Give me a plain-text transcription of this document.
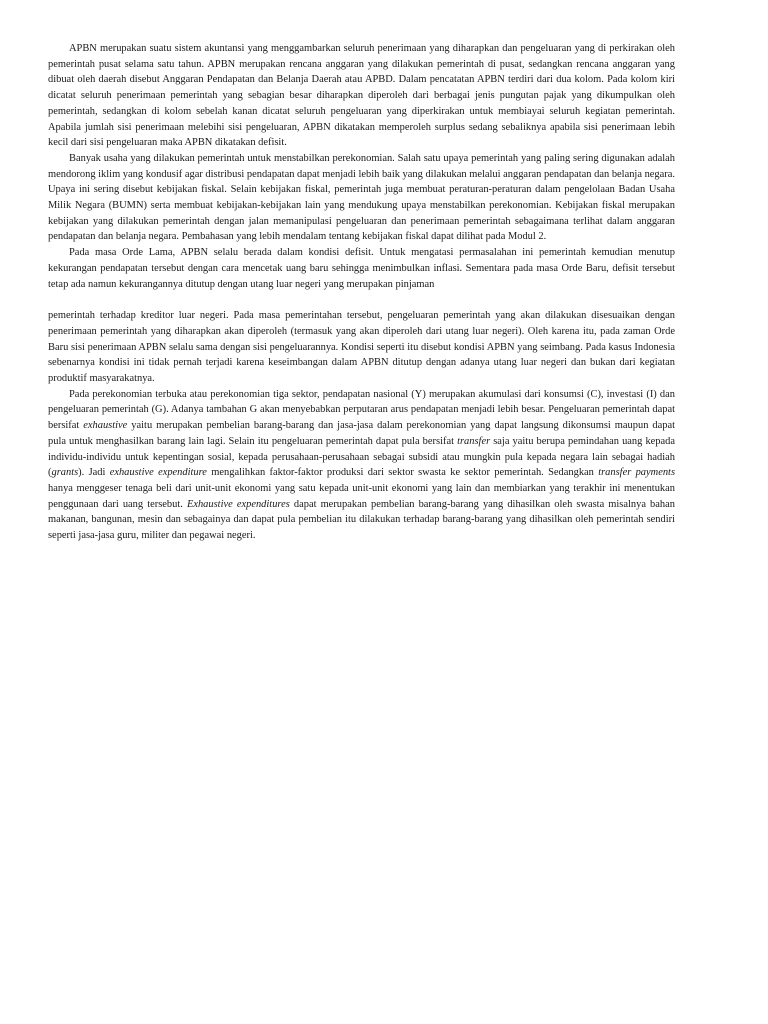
APBN merupakan suatu sistem akuntansi yang menggambarkan seluruh penerimaan yang diharapkan dan pengeluaran yang di perkirakan oleh pemerintah pusat selama satu tahun. APBN merupakan rencana anggaran yang dilakukan pemerintah di pusat, sedangkan rencana anggaran yang dibuat oleh daerah disebut Anggaran Pendapatan dan Belanja Daerah atau APBD. Dalam pencatatan APBN terdiri dari dua kolom. Pada kolom kiri dicatat seluruh penerimaan pemerintah yang sebagian besar diharapkan diperoleh dari berbagai jenis pungutan pajak yang dikumpulkan oleh pemerintah, sedangkan di kolom sebelah kanan dicatat seluruh pengeluaran yang diperkirakan untuk membiayai seluruh kegiatan pemerintah. Apabila jumlah sisi penerimaan melebihi sisi pengeluaran, APBN dikatakan memperoleh surplus sedang sebaliknya apabila sisi penerimaan lebih kecil dari sisi pengeluaran maka APBN dikatakan defisit.

Banyak usaha yang dilakukan pemerintah untuk menstabilkan perekonomian. Salah satu upaya pemerintah yang paling sering digunakan adalah mendorong iklim yang kondusif agar distribusi pendapatan dapat menjadi lebih baik yang dilakukan melalui anggaran pendapatan dan belanja negara. Upaya ini sering disebut kebijakan fiskal. Selain kebijakan fiskal, pemerintah juga membuat peraturan-peraturan dalam pengelolaan Badan Usaha Milik Negara (BUMN) serta membuat kebijakan-kebijakan lain yang mendukung upaya menstabilkan perekonomian. Kebijakan fiskal merupakan kebijakan yang dilakukan pemerintah dengan jalan memanipulasi pengeluaran dan penerimaan pemerintah sebagaimana terlihat dalam anggaran pendapatan dan belanja negara. Pembahasan yang lebih mendalam tentang kebijakan fiskal dapat dilihat pada Modul 2.

Pada masa Orde Lama, APBN selalu berada dalam kondisi defisit. Untuk mengatasi permasalahan ini pemerintah kemudian menutup kekurangan pendapatan tersebut dengan cara mencetak uang baru sehingga menimbulkan inflasi. Sementara pada masa Orde Baru, defisit tersebut tetap ada namun kekurangannya ditutup dengan utang luar negeri yang merupakan pinjaman

pemerintah terhadap kreditor luar negeri. Pada masa pemerintahan tersebut, pengeluaran pemerintah yang akan dilakukan disesuaikan dengan penerimaan pemerintah yang diharapkan akan diperoleh (termasuk yang akan diperoleh dari utang luar negeri). Oleh karena itu, pada zaman Orde Baru sisi penerimaan APBN selalu sama dengan sisi pengeluarannya. Kondisi seperti itu disebut kondisi APBN yang seimbang. Pada kasus Indonesia sebenarnya kondisi ini tidak pernah terjadi karena keseimbangan dalam APBN ditutup dengan adanya utang luar negeri dan bukan dari kegiatan produktif masyarakatnya.

Pada perekonomian terbuka atau perekonomian tiga sektor, pendapatan nasional (Y) merupakan akumulasi dari konsumsi (C), investasi (I) dan pengeluaran pemerintah (G). Adanya tambahan G akan menyebabkan perputaran arus pendapatan menjadi lebih besar. Pengeluaran pemerintah dapat bersifat exhaustive yaitu merupakan pembelian barang-barang dan jasa-jasa dalam perekonomian yang dapat langsung dikonsumsi maupun dapat pula untuk menghasilkan barang lain lagi. Selain itu pengeluaran pemerintah dapat pula bersifat transfer saja yaitu berupa pemindahan uang kepada individu-individu untuk kepentingan sosial, kepada perusahaan-perusahaan sebagai subsidi atau mungkin pula kepada negara lain sebagai hadiah (grants). Jadi exhaustive expenditure mengalihkan faktor-faktor produksi dari sektor swasta ke sektor pemerintah. Sedangkan transfer payments hanya menggeser tenaga beli dari unit-unit ekonomi yang satu kepada unit-unit ekonomi yang lain dan membiarkan yang terakhir ini menentukan penggunaan dari uang tersebut. Exhaustive expenditures dapat merupakan pembelian barang-barang yang dihasilkan oleh swasta misalnya bahan makanan, bangunan, mesin dan sebagainya dan dapat pula pembelian itu dilakukan terhadap barang-barang yang dihasilkan oleh pemerintah sendiri seperti jasa-jasa guru, militer dan pegawai negeri.
